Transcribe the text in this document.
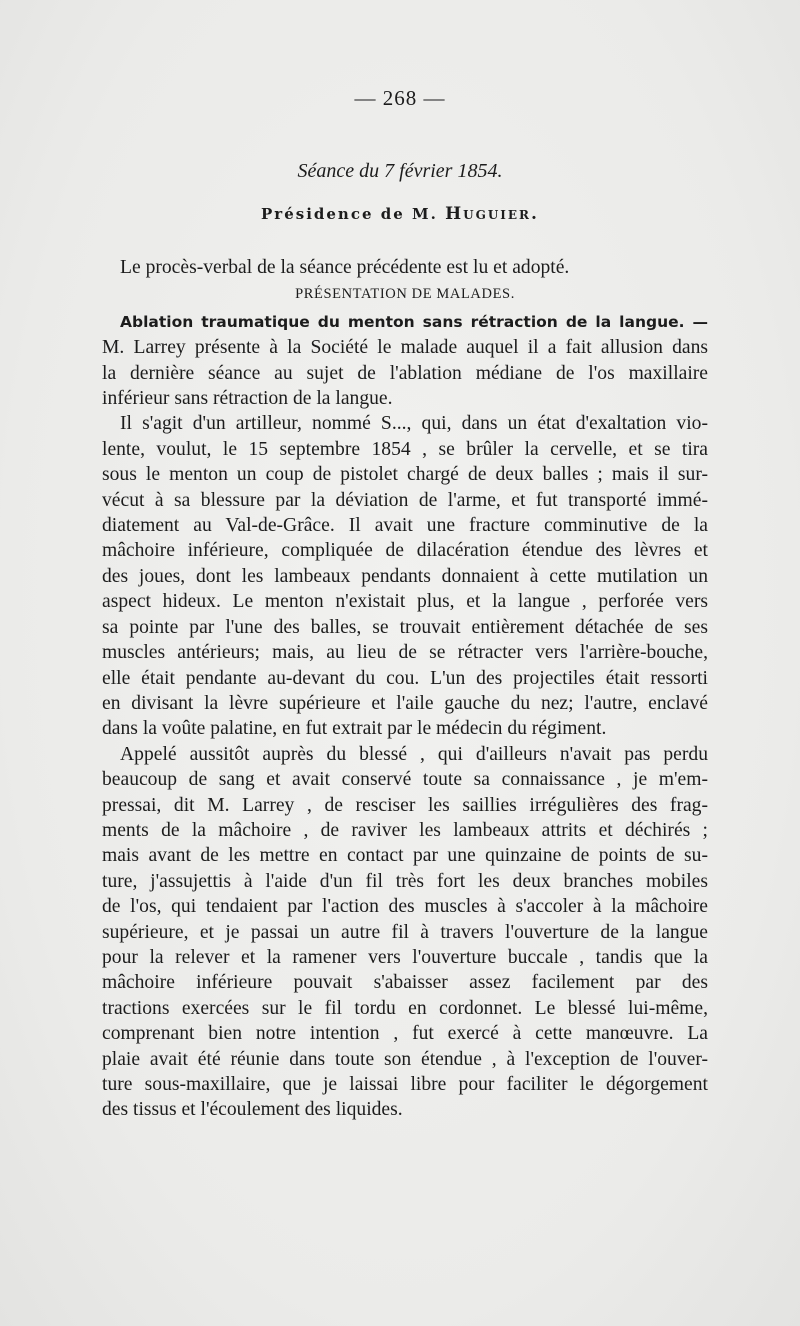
— 268 —
Séance du 7 février 1854.
Présidence de M. Huguier.
Le procès-verbal de la séance précédente est lu et adopté.
PRÉSENTATION DE MALADES.
Ablation traumatique du menton sans rétraction de la langue. —
M. Larrey présente à la Société le malade auquel il a fait allusion dans
la dernière séance au sujet de l'ablation médiane de l'os maxillaire
inférieur sans rétraction de la langue.
Il s'agit d'un artilleur, nommé S..., qui, dans un état d'exaltation vio-
lente, voulut, le 15 septembre 1854 , se brûler la cervelle, et se tira
sous le menton un coup de pistolet chargé de deux balles ; mais il sur-
vécut à sa blessure par la déviation de l'arme, et fut transporté immé-
diatement au Val-de-Grâce. Il avait une fracture comminutive de la
mâchoire inférieure, compliquée de dilacération étendue des lèvres et
des joues, dont les lambeaux pendants donnaient à cette mutilation un
aspect hideux. Le menton n'existait plus, et la langue , perforée vers
sa pointe par l'une des balles, se trouvait entièrement détachée de ses
muscles antérieurs; mais, au lieu de se rétracter vers l'arrière-bouche,
elle était pendante au-devant du cou. L'un des projectiles était ressorti
en divisant la lèvre supérieure et l'aile gauche du nez; l'autre, enclavé
dans la voûte palatine, en fut extrait par le médecin du régiment.
Appelé aussitôt auprès du blessé , qui d'ailleurs n'avait pas perdu
beaucoup de sang et avait conservé toute sa connaissance , je m'em-
pressai, dit M. Larrey , de resciser les saillies irrégulières des frag-
ments de la mâchoire , de raviver les lambeaux attrits et déchirés ;
mais avant de les mettre en contact par une quinzaine de points de su-
ture, j'assujettis à l'aide d'un fil très fort les deux branches mobiles
de l'os, qui tendaient par l'action des muscles à s'accoler à la mâchoire
supérieure, et je passai un autre fil à travers l'ouverture de la langue
pour la relever et la ramener vers l'ouverture buccale , tandis que la
mâchoire inférieure pouvait s'abaisser assez facilement par des
tractions exercées sur le fil tordu en cordonnet. Le blessé lui-même,
comprenant bien notre intention , fut exercé à cette manœuvre. La
plaie avait été réunie dans toute son étendue , à l'exception de l'ouver-
ture sous-maxillaire, que je laissai libre pour faciliter le dégorgement
des tissus et l'écoulement des liquides.
